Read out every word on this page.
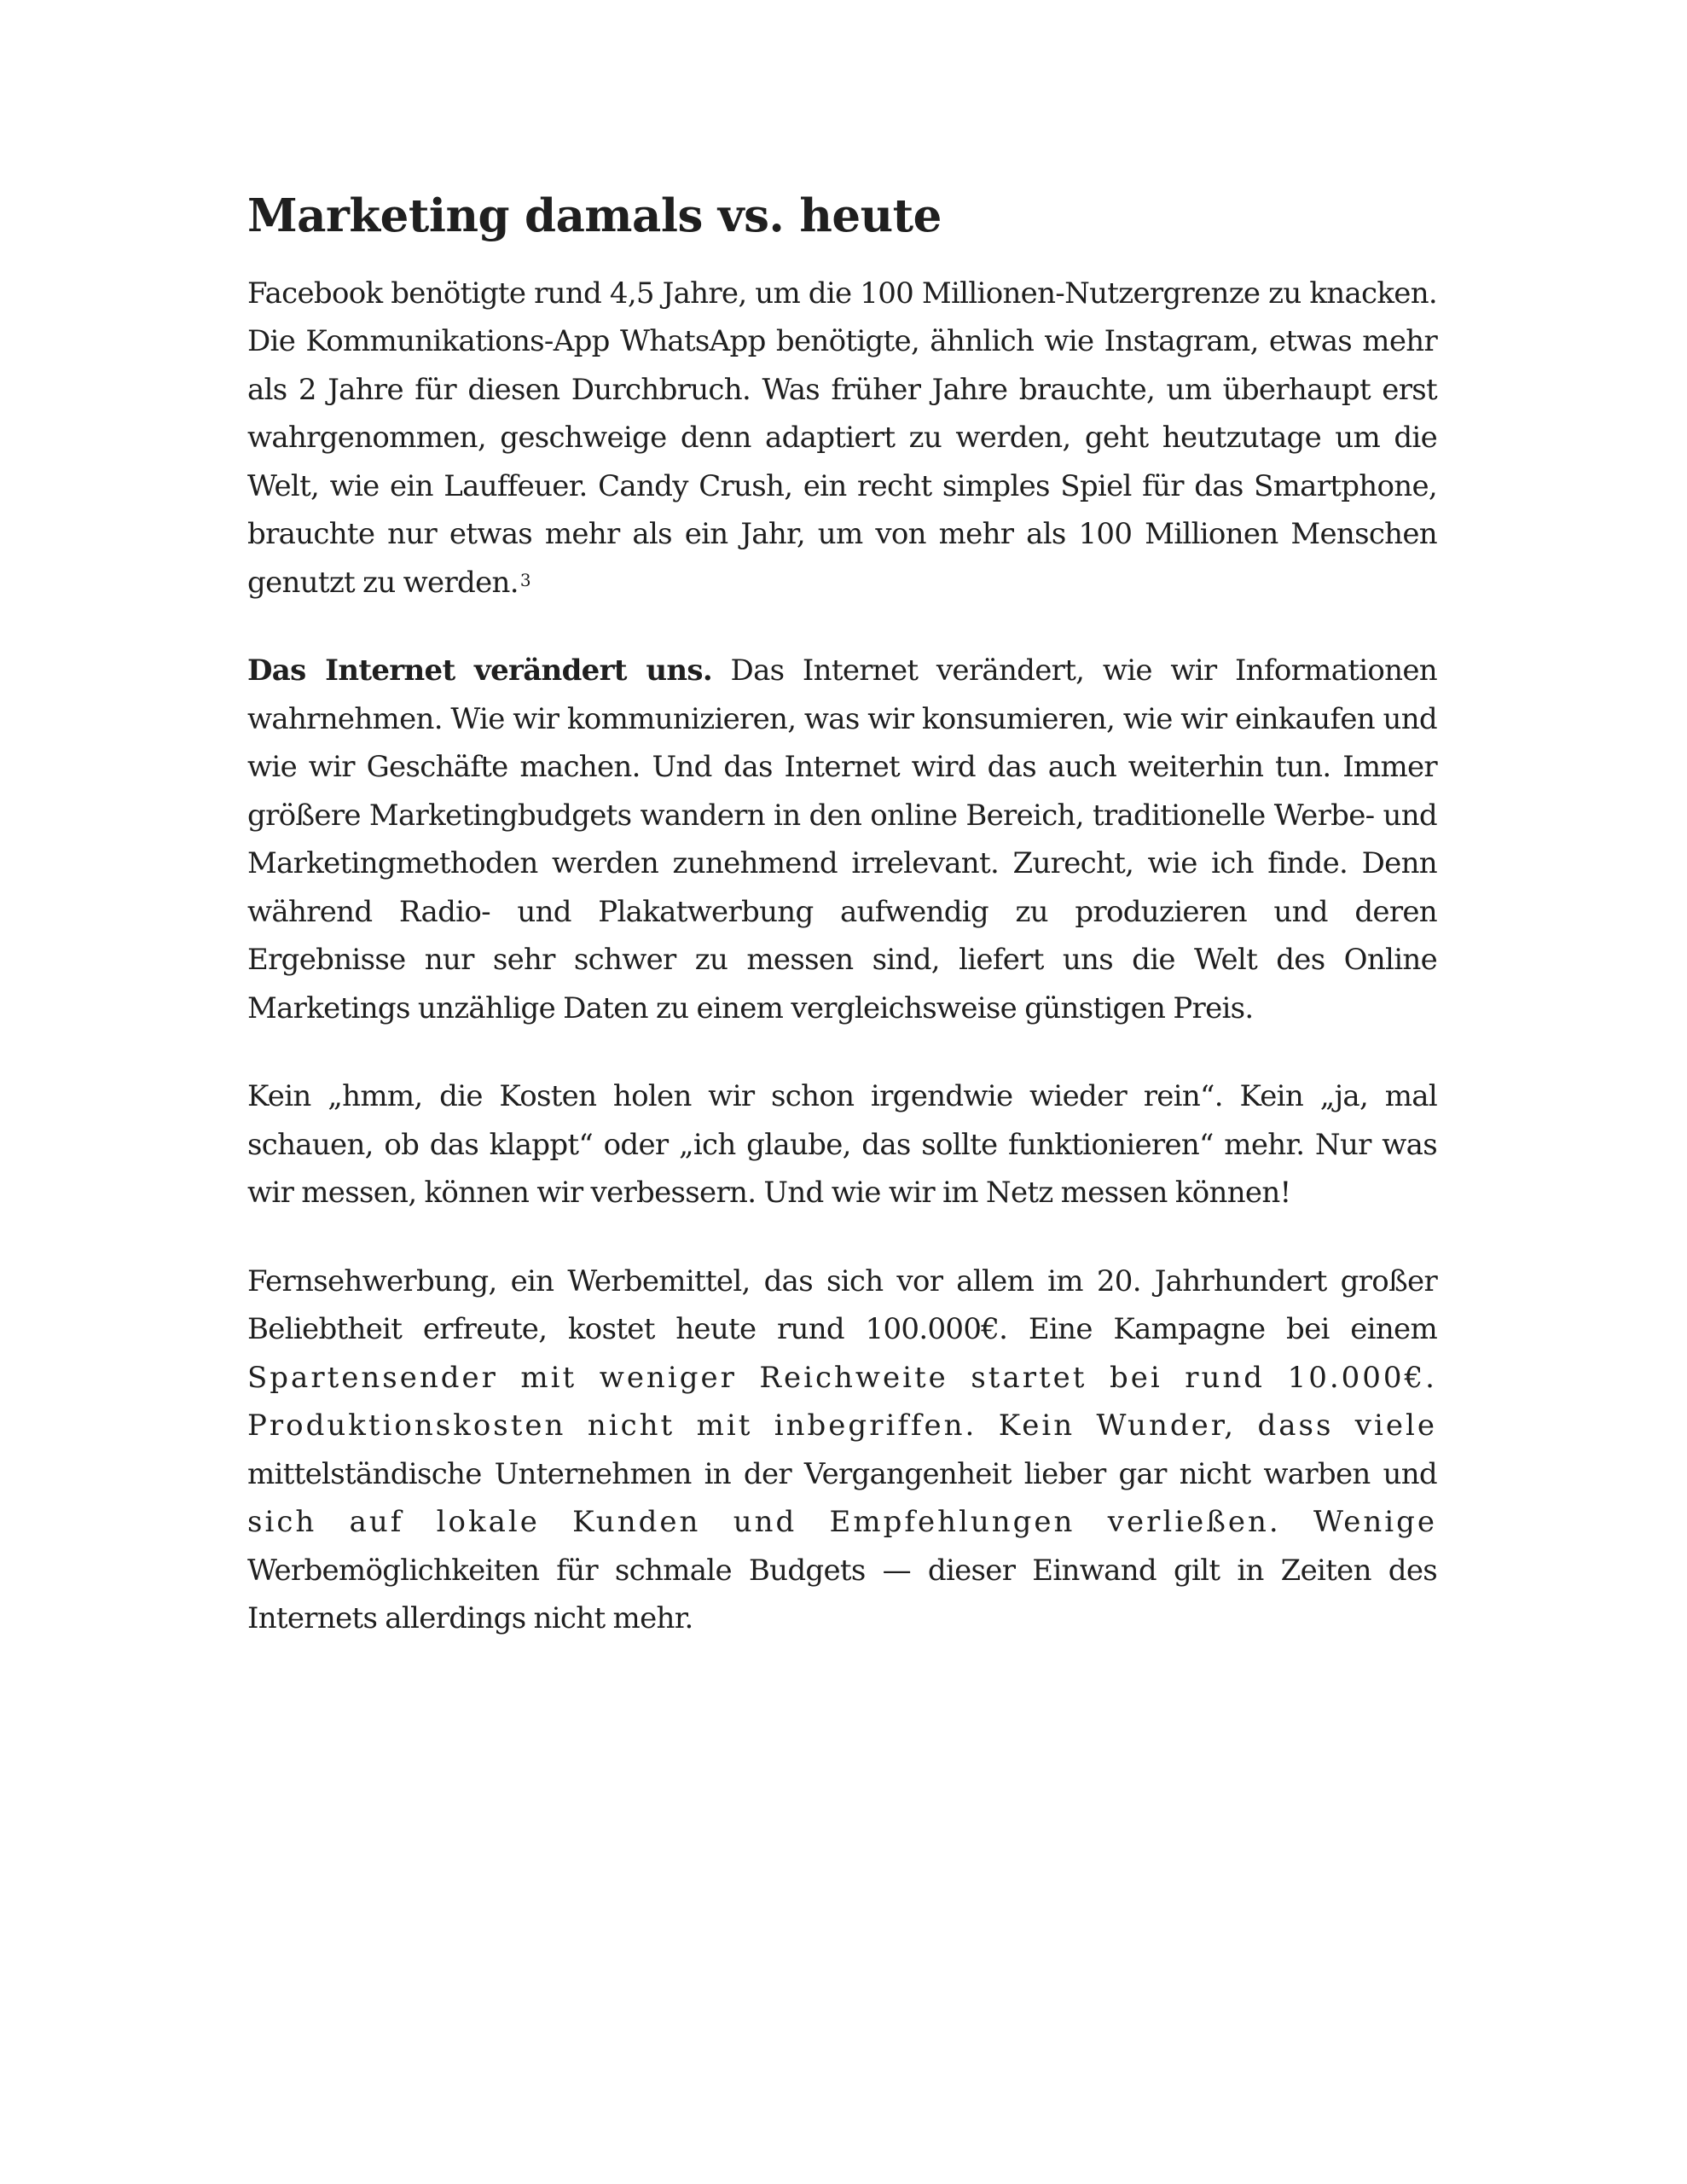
Marketing damals vs. heute

Facebook benötigte rund 4,5 Jahre, um die 100 Millionen-Nutzergrenze zu knacken. Die Kommunikations-App WhatsApp benötigte, ähnlich wie Instagram, etwas mehr als 2 Jahre für diesen Durchbruch. Was früher Jahre brauchte, um überhaupt erst wahrgenommen, geschweige denn adaptiert zu werden, geht heutzutage um die Welt, wie ein Lauffeuer. Candy Crush, ein recht simples Spiel für das Smartphone, brauchte nur etwas mehr als ein Jahr, um von mehr als 100 Millionen Menschen genutzt zu werden. $^3$

Das Internet verändert uns. Das Internet verändert, wie wir Informationen wahrnehmen. Wie wir kommunizieren, was wir konsumieren, wie wir einkaufen und wie wir Geschäfte machen. Und das Internet wird das auch weiterhin tun. Immer größere Marketingbudgets wandern in den online Bereich, traditionelle Werbe- und Marketingmethoden werden zunehmend irrelevant. Zurecht, wie ich finde. Denn während Radio- und Plakatwerbung aufwendig zu produzieren und deren Ergebnisse nur sehr schwer zu messen sind, liefert uns die Welt des Online Marketings unzählige Daten zu einem vergleichsweise günstigen Preis.

Kein „hmm, die Kosten holen wir schon irgendwie wieder rein“. Kein „ja, mal schauen, ob das klappt“ oder „ich glaube, das sollte funktionieren“ mehr. Nur was wir messen, können wir verbessern. Und wie wir im Netz messen können!

Fernsehwerbung, ein Werbemittel, das sich vor allem im 20. Jahrhundert großer Beliebtheit erfreute, kostet heute rund 100.000€. Eine Kampagne bei einem Spartensender mit weniger Reichweite startet bei rund 10.000€. Produktionskosten nicht mit inbegriffen. Kein Wunder, dass viele mittelständische Unternehmen in der Vergangenheit lieber gar nicht warben und sich auf lokale Kunden und Empfehlungen verließen. Wenige Werbemöglichkeiten für schmale Budgets — dieser Einwand gilt in Zeiten des Internets allerdings nicht mehr.
